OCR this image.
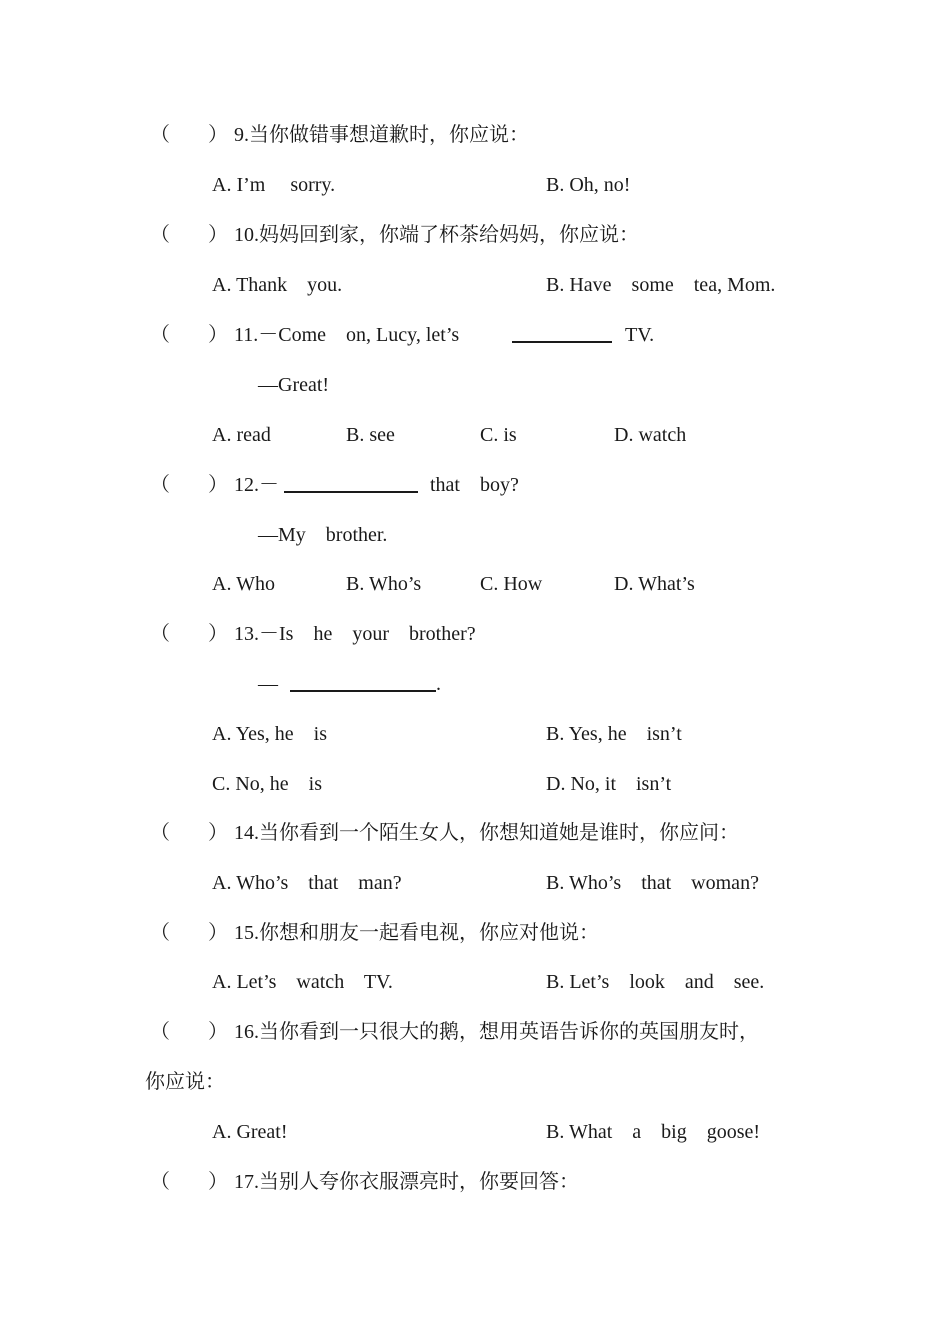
（ ） 9.当你做错事想道歉时，你应说：
A. I’m     sorry.	B. Oh, no!
（ ） 10.妈妈回到家，你端了杯茶给妈妈，你应说：
A. Thank    you.	B. Have    some    tea, Mom.
（ ） 11.－Come    on, Lucy, let’s	TV.
—Great!
A. read	B. see	C. is	D. watch
（ ） 12.－	that    boy?
—My    brother.
A. Who	B. Who’s	C. How	D. What’s
（ ） 13.－Is    he    your    brother?
—	.
A. Yes, he    is	B. Yes, he    isn’t
C. No, he    is	D. No, it    isn’t
（ ） 14.当你看到一个陌生女人，你想知道她是谁时，你应问：
A. Who’s    that    man?	B. Who’s    that    woman?
（ ） 15.你想和朋友一起看电视，你应对他说：
A. Let’s    watch    TV.	B. Let’s    look    and    see.
（ ） 16.当你看到一只很大的鹅，想用英语告诉你的英国朋友时，
你应说：
A. Great!	B. What    a    big    goose!
（ ） 17.当别人夸你衣服漂亮时，你要回答：
